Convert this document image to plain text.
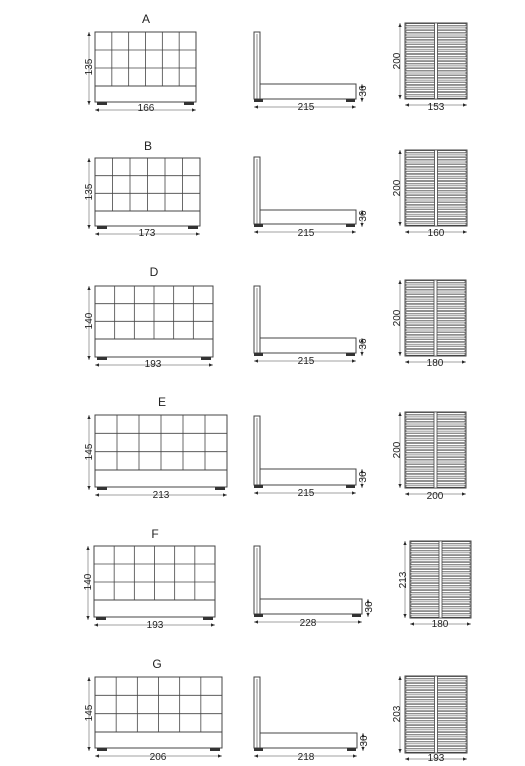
A
135
166	215
36
200
153
B
135
173	215
36
200
160
D
140
193	215
36
200
180
E
145
213	215
36
200
200
F
140
193	228
36
213
180
G
145
206	218
36
203
193
